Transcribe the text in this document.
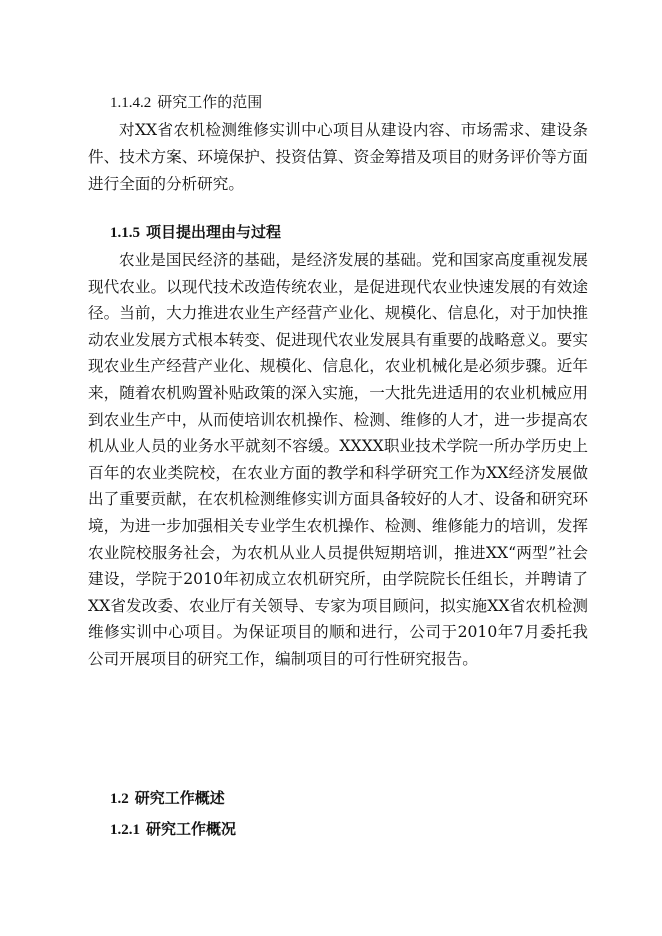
1.1.4.2 研究工作的范围
对XX省农机检测维修实训中心项目从建设内容、市场需求、建设条件、技术方案、环境保护、投资估算、资金筹措及项目的财务评价等方面进行全面的分析研究。
1.1.5 项目提出理由与过程
农业是国民经济的基础，是经济发展的基础。党和国家高度重视发展现代农业。以现代技术改造传统农业，是促进现代农业快速发展的有效途径。当前，大力推进农业生产经营产业化、规模化、信息化，对于加快推动农业发展方式根本转变、促进现代农业发展具有重要的战略意义。要实现农业生产经营产业化、规模化、信息化，农业机械化是必须步骤。近年来，随着农机购置补贴政策的深入实施，一大批先进适用的农业机械应用到农业生产中，从而使培训农机操作、检测、维修的人才，进一步提高农机从业人员的业务水平就刻不容缓。XXXX职业技术学院一所办学历史上百年的农业类院校，在农业方面的教学和科学研究工作为XX经济发展做出了重要贡献，在农机检测维修实训方面具备较好的人才、设备和研究环境，为进一步加强相关专业学生农机操作、检测、维修能力的培训，发挥农业院校服务社会，为农机从业人员提供短期培训，推进XX“两型”社会建设，学院于2010年初成立农机研究所，由学院院长任组长，并聘请了XX省发改委、农业厅有关领导、专家为项目顾问，拟实施XX省农机检测维修实训中心项目。为保证项目的顺和进行，公司于2010年7月委托我公司开展项目的研究工作，编制项目的可行性研究报告。
1.2 研究工作概述
1.2.1 研究工作概况
